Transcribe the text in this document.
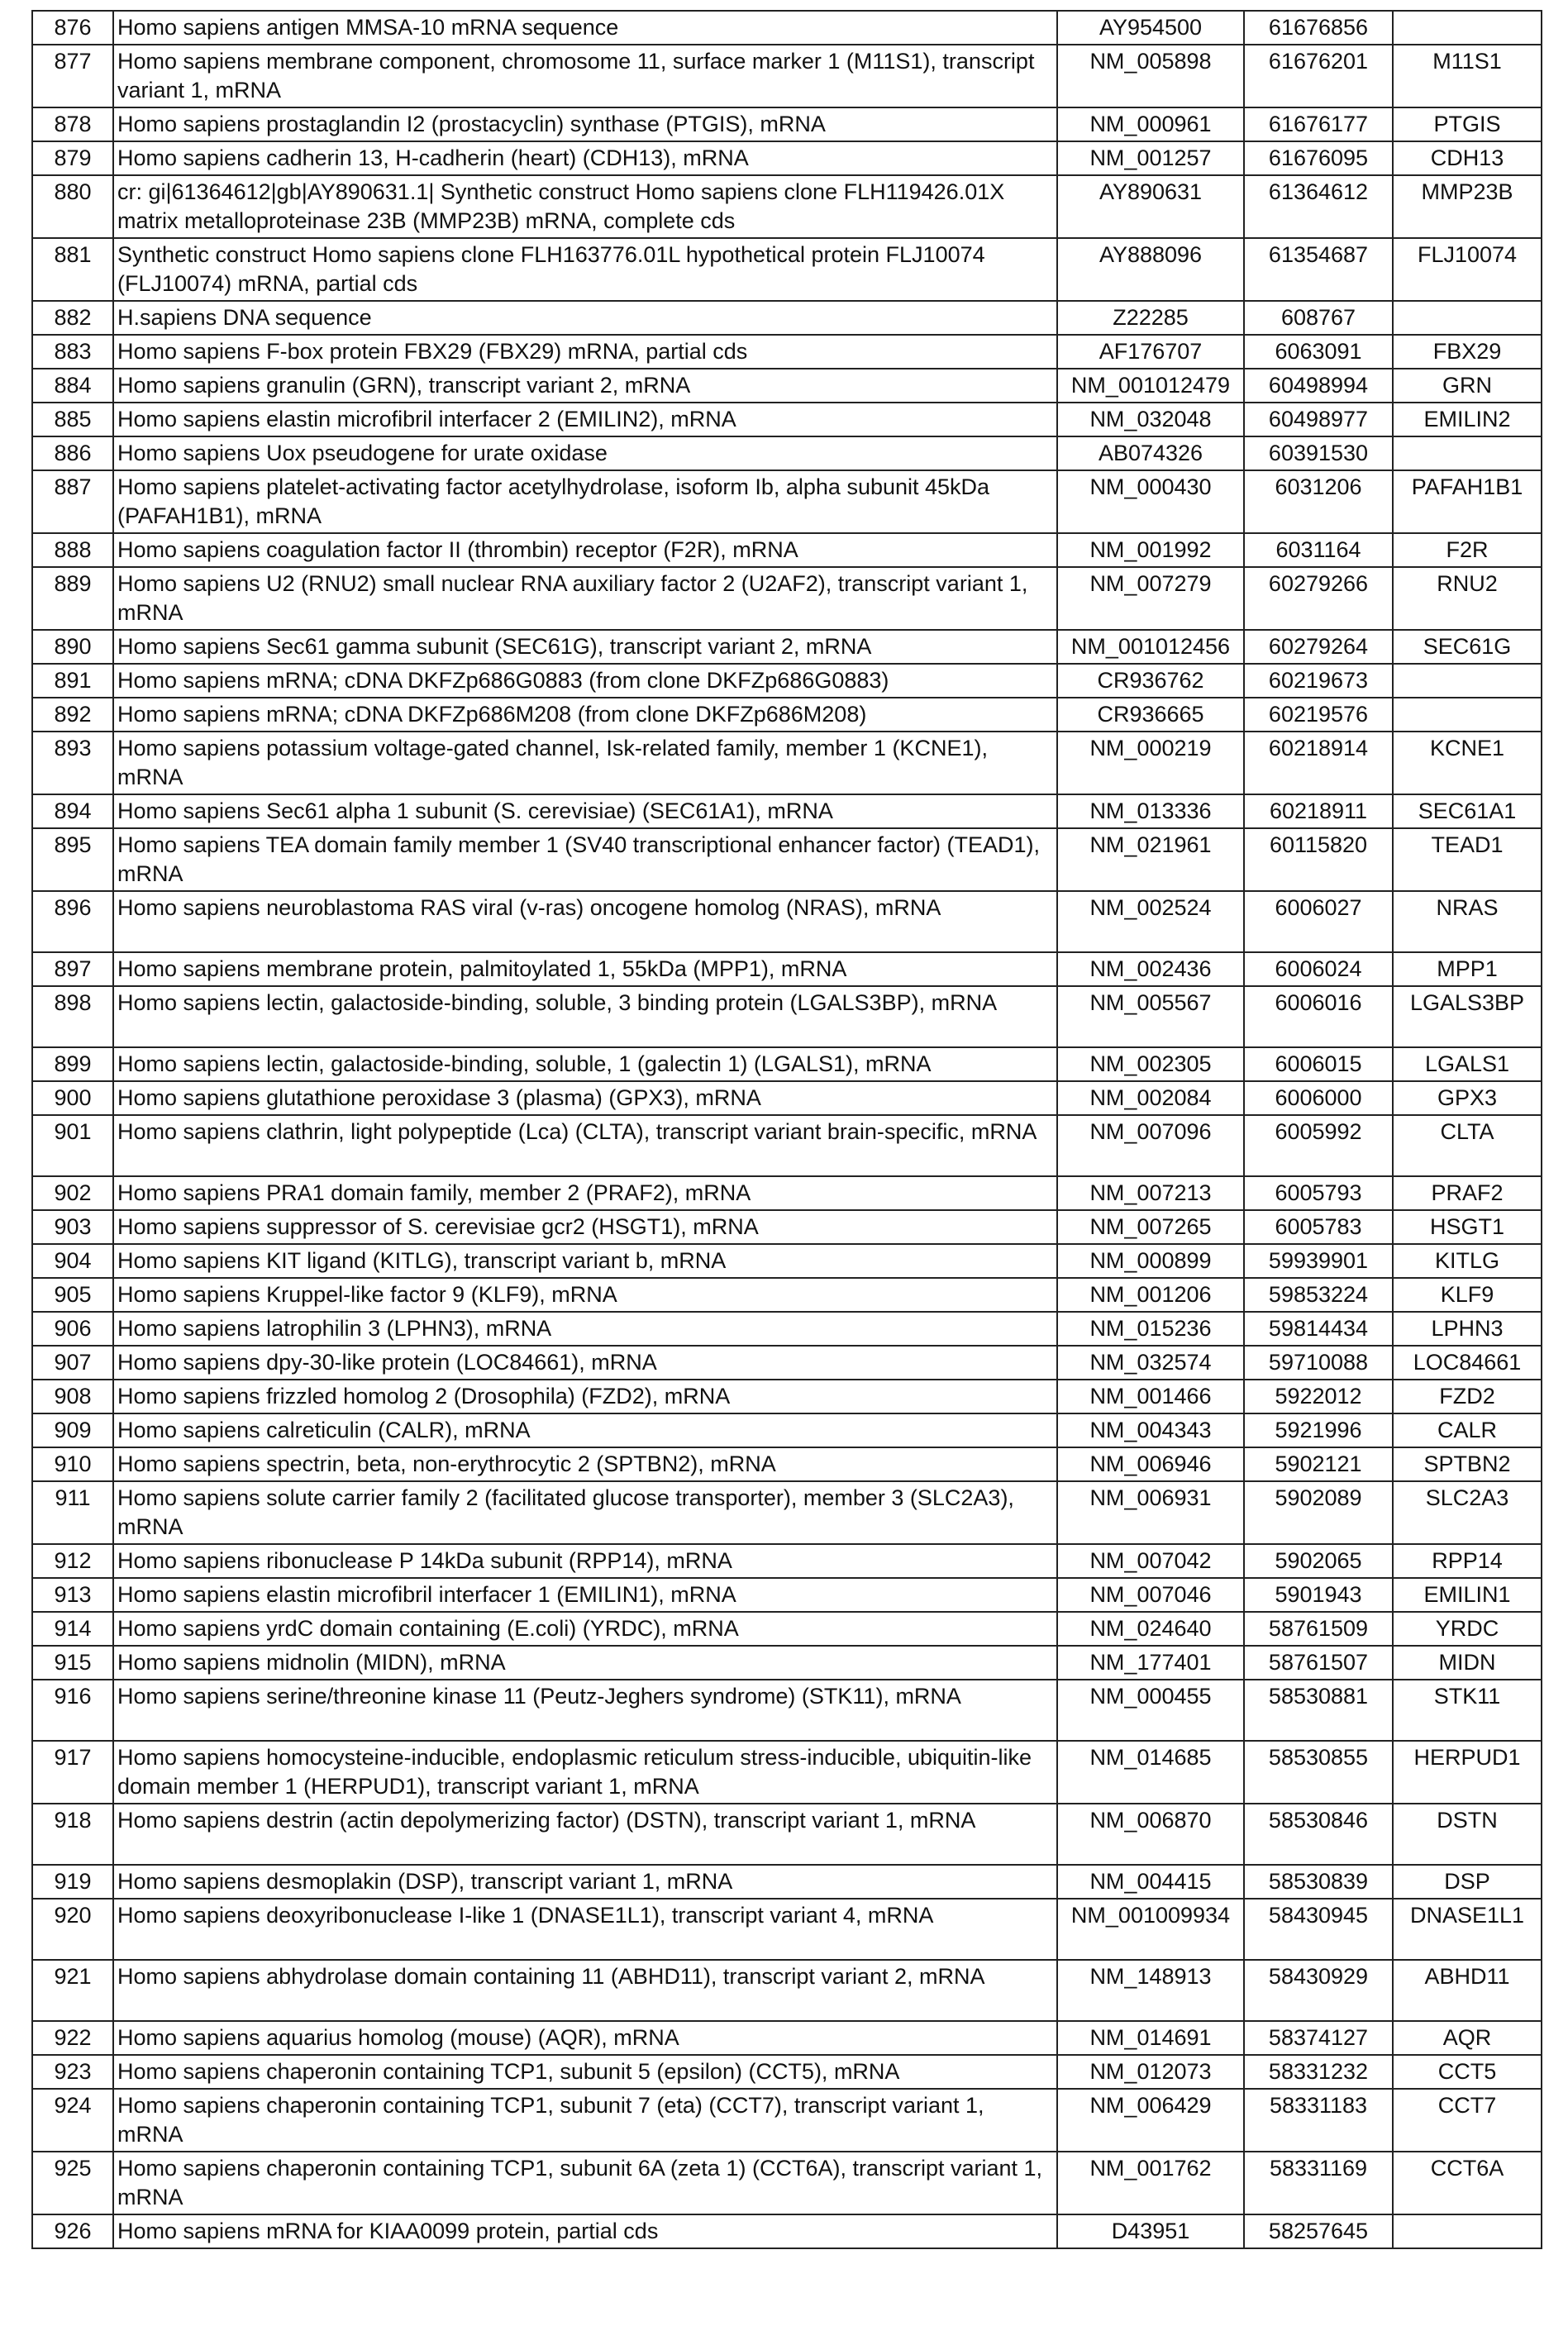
876	Homo sapiens antigen MMSA-10 mRNA sequence	AY954500	61676856	
877	Homo sapiens membrane component, chromosome 11, surface marker 1 (M11S1), transcript variant 1, mRNA	NM_005898	61676201	M11S1
878	Homo sapiens prostaglandin I2 (prostacyclin) synthase (PTGIS), mRNA	NM_000961	61676177	PTGIS
879	Homo sapiens cadherin 13, H-cadherin (heart) (CDH13), mRNA	NM_001257	61676095	CDH13
880	cr: gi|61364612|gb|AY890631.1| Synthetic construct Homo sapiens clone FLH119426.01X matrix metalloproteinase 23B (MMP23B) mRNA, complete cds	AY890631	61364612	MMP23B
881	Synthetic construct Homo sapiens clone FLH163776.01L hypothetical protein FLJ10074 (FLJ10074) mRNA, partial cds	AY888096	61354687	FLJ10074
882	H.sapiens DNA sequence	Z22285	608767	
883	Homo sapiens F-box protein FBX29 (FBX29) mRNA, partial cds	AF176707	6063091	FBX29
884	Homo sapiens granulin (GRN), transcript variant 2, mRNA	NM_001012479	60498994	GRN
885	Homo sapiens elastin microfibril interfacer 2 (EMILIN2), mRNA	NM_032048	60498977	EMILIN2
886	Homo sapiens Uox pseudogene for urate oxidase	AB074326	60391530	
887	Homo sapiens platelet-activating factor acetylhydrolase, isoform Ib, alpha subunit 45kDa (PAFAH1B1), mRNA	NM_000430	6031206	PAFAH1B1
888	Homo sapiens coagulation factor II (thrombin) receptor (F2R), mRNA	NM_001992	6031164	F2R
889	Homo sapiens U2 (RNU2) small nuclear RNA auxiliary factor 2 (U2AF2), transcript variant 1, mRNA	NM_007279	60279266	RNU2
890	Homo sapiens Sec61 gamma subunit (SEC61G), transcript variant 2, mRNA	NM_001012456	60279264	SEC61G
891	Homo sapiens mRNA; cDNA DKFZp686G0883 (from clone DKFZp686G0883)	CR936762	60219673	
892	Homo sapiens mRNA; cDNA DKFZp686M208 (from clone DKFZp686M208)	CR936665	60219576	
893	Homo sapiens potassium voltage-gated channel, Isk-related family, member 1 (KCNE1), mRNA	NM_000219	60218914	KCNE1
894	Homo sapiens Sec61 alpha 1 subunit (S. cerevisiae) (SEC61A1), mRNA	NM_013336	60218911	SEC61A1
895	Homo sapiens TEA domain family member 1 (SV40 transcriptional enhancer factor) (TEAD1), mRNA	NM_021961	60115820	TEAD1
896	Homo sapiens neuroblastoma RAS viral (v-ras) oncogene homolog (NRAS), mRNA	NM_002524	6006027	NRAS
897	Homo sapiens membrane protein, palmitoylated 1, 55kDa (MPP1), mRNA	NM_002436	6006024	MPP1
898	Homo sapiens lectin, galactoside-binding, soluble, 3 binding protein (LGALS3BP), mRNA	NM_005567	6006016	LGALS3BP
899	Homo sapiens lectin, galactoside-binding, soluble, 1 (galectin 1) (LGALS1), mRNA	NM_002305	6006015	LGALS1
900	Homo sapiens glutathione peroxidase 3 (plasma) (GPX3), mRNA	NM_002084	6006000	GPX3
901	Homo sapiens clathrin, light polypeptide (Lca) (CLTA), transcript variant brain-specific, mRNA	NM_007096	6005992	CLTA
902	Homo sapiens PRA1 domain family, member 2 (PRAF2), mRNA	NM_007213	6005793	PRAF2
903	Homo sapiens suppressor of S. cerevisiae gcr2 (HSGT1), mRNA	NM_007265	6005783	HSGT1
904	Homo sapiens KIT ligand (KITLG), transcript variant b, mRNA	NM_000899	59939901	KITLG
905	Homo sapiens Kruppel-like factor 9 (KLF9), mRNA	NM_001206	59853224	KLF9
906	Homo sapiens latrophilin 3 (LPHN3), mRNA	NM_015236	59814434	LPHN3
907	Homo sapiens dpy-30-like protein (LOC84661), mRNA	NM_032574	59710088	LOC84661
908	Homo sapiens frizzled homolog 2 (Drosophila) (FZD2), mRNA	NM_001466	5922012	FZD2
909	Homo sapiens calreticulin (CALR), mRNA	NM_004343	5921996	CALR
910	Homo sapiens spectrin, beta, non-erythrocytic 2 (SPTBN2), mRNA	NM_006946	5902121	SPTBN2
911	Homo sapiens solute carrier family 2 (facilitated glucose transporter), member 3 (SLC2A3), mRNA	NM_006931	5902089	SLC2A3
912	Homo sapiens ribonuclease P 14kDa subunit (RPP14), mRNA	NM_007042	5902065	RPP14
913	Homo sapiens elastin microfibril interfacer 1 (EMILIN1), mRNA	NM_007046	5901943	EMILIN1
914	Homo sapiens yrdC domain containing (E.coli) (YRDC), mRNA	NM_024640	58761509	YRDC
915	Homo sapiens midnolin (MIDN), mRNA	NM_177401	58761507	MIDN
916	Homo sapiens serine/threonine kinase 11 (Peutz-Jeghers syndrome) (STK11), mRNA	NM_000455	58530881	STK11
917	Homo sapiens homocysteine-inducible, endoplasmic reticulum stress-inducible, ubiquitin-like domain member 1 (HERPUD1), transcript variant 1, mRNA	NM_014685	58530855	HERPUD1
918	Homo sapiens destrin (actin depolymerizing factor) (DSTN), transcript variant 1, mRNA	NM_006870	58530846	DSTN
919	Homo sapiens desmoplakin (DSP), transcript variant 1, mRNA	NM_004415	58530839	DSP
920	Homo sapiens deoxyribonuclease I-like 1 (DNASE1L1), transcript variant 4, mRNA	NM_001009934	58430945	DNASE1L1
921	Homo sapiens abhydrolase domain containing 11 (ABHD11), transcript variant 2, mRNA	NM_148913	58430929	ABHD11
922	Homo sapiens aquarius homolog (mouse) (AQR), mRNA	NM_014691	58374127	AQR
923	Homo sapiens chaperonin containing TCP1, subunit 5 (epsilon) (CCT5), mRNA	NM_012073	58331232	CCT5
924	Homo sapiens chaperonin containing TCP1, subunit 7 (eta) (CCT7), transcript variant 1, mRNA	NM_006429	58331183	CCT7
925	Homo sapiens chaperonin containing TCP1, subunit 6A (zeta 1) (CCT6A), transcript variant 1, mRNA	NM_001762	58331169	CCT6A
926	Homo sapiens mRNA for KIAA0099 protein, partial cds	D43951	58257645	
